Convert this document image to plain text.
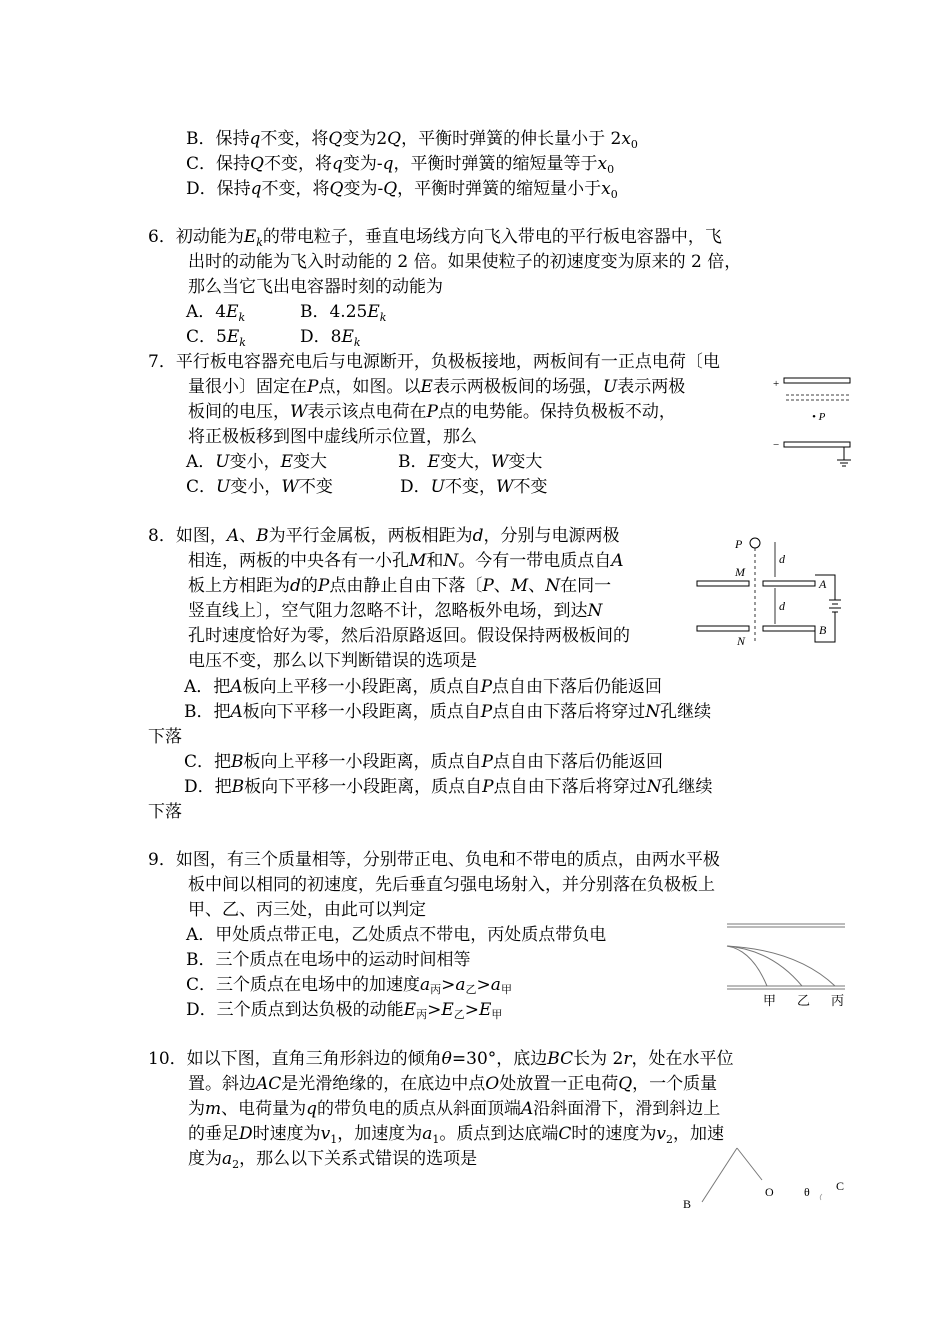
B．保持q不变，将Q变为2Q，平衡时弹簧的伸长量小于 $2x_0$
C．保持Q不变，将q变为-q，平衡时弹簧的缩短量等于$x_0$
D．保持q不变，将Q变为-Q，平衡时弹簧的缩短量小于$x_0$
6．初动能为$E_k$的带电粒子，垂直电场线方向飞入带电的平行板电容器中，飞
出时的动能为飞入时动能的 2 倍。如果使粒子的初速度变为原来的 2 倍，
那么当它飞出电容器时刻的动能为
A．$4E_k$	B．$4.25E_k$
C．$5E_k$	D．$8E_k$
7．平行板电容器充电后与电源断开，负极板接地，两板间有一正点电荷〔电
量很小〕固定在P点，如图。以E表示两极板间的场强，U表示两极
板间的电压，W表示该点电荷在P点的电势能。保持负极板不动，
将正极板移到图中虚线所示位置，那么
A．U变小，E变大	B．E变大，W变大
C．U变小，W不变	D．U不变，W不变
+
• P
−
8．如图，A、B为平行金属板，两板相距为d，分别与电源两极
相连，两板的中央各有一小孔M和N。今有一带电质点自A
板上方相距为d的P点由静止自由下落〔P、M、N在同一
竖直线上〕，空气阻力忽略不计，忽略板外电场，到达N
孔时速度恰好为零，然后沿原路返回。假设保持两极板间的
电压不变，那么以下判断错误的选项是
A．把A板向上平移一小段距离，质点自P点自由下落后仍能返回
B．把A板向下平移一小段距离，质点自P点自由下落后将穿过N孔继续
下落
C．把B板向上平移一小段距离，质点自P点自由下落后仍能返回
D．把B板向下平移一小段距离，质点自P点自由下落后将穿过N孔继续
下落
P
d
M
A
d
B
N
9．如图，有三个质量相等，分别带正电、负电和不带电的质点，由两水平极
板中间以相同的初速度，先后垂直匀强电场射入，并分别落在负极板上
甲、乙、丙三处，由此可以判定
A．甲处质点带正电，乙处质点不带电，丙处质点带负电
B．三个质点在电场中的运动时间相等
C．三个质点在电场中的加速度a丙>a乙>a甲
D．三个质点到达负极的动能E丙>E乙>E甲
甲 乙 丙
10．如以下图，直角三角形斜边的倾角θ=30°，底边BC长为 2r，处在水平位
置。斜边AC是光滑绝缘的，在底边中点O处放置一正电荷Q，一个质量
为m、电荷量为q的带负电的质点从斜面顶端A沿斜面滑下，滑到斜边上
的垂足D时速度为$v_1$，加速度为$a_1$。质点到达底端C时的速度为$v_2$，加速
度为$a_2$，那么以下关系式错误的选项是
B
O	θ C
